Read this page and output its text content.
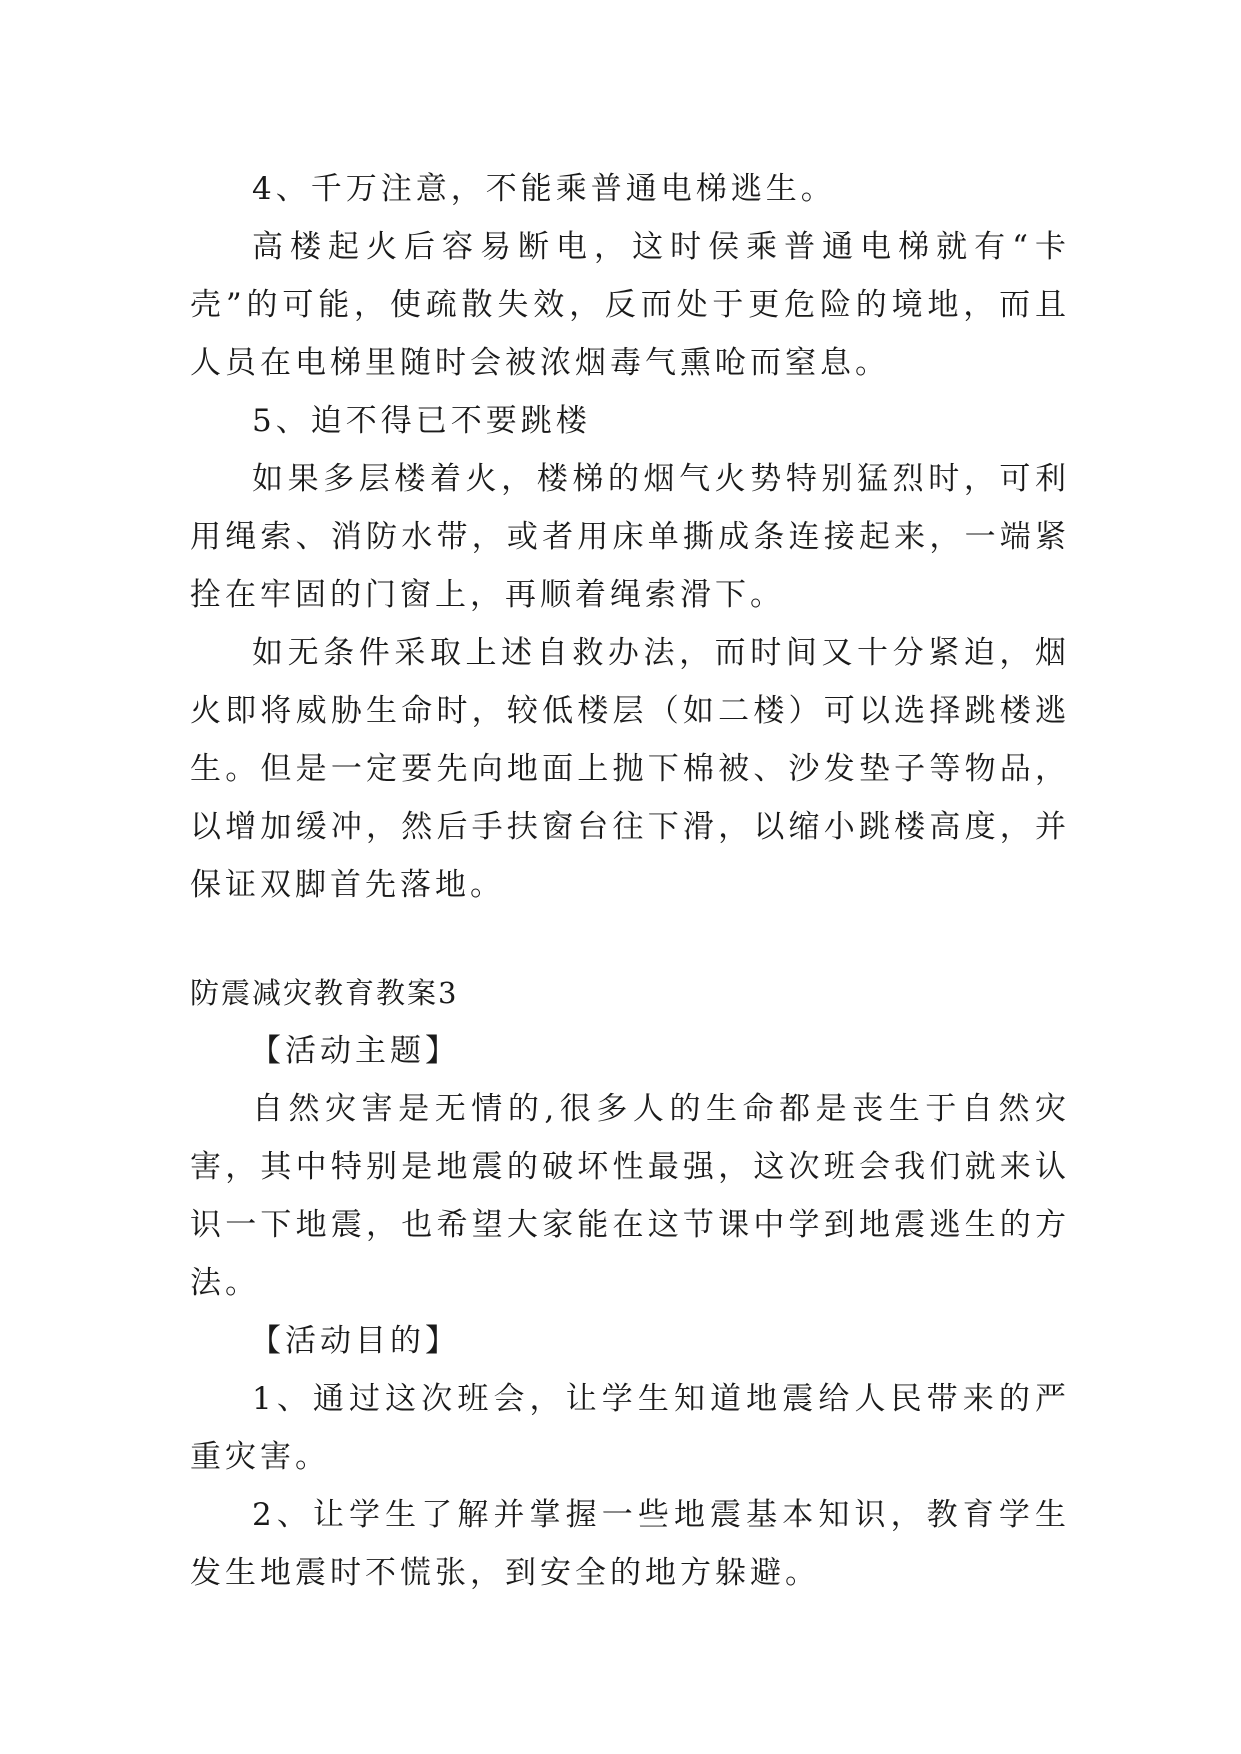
4、千万注意，不能乘普通电梯逃生。

高楼起火后容易断电，这时侯乘普通电梯就有“卡壳”的可能，使疏散失效，反而处于更危险的境地，而且人员在电梯里随时会被浓烟毒气熏呛而窒息。

5、迫不得已不要跳楼

如果多层楼着火，楼梯的烟气火势特别猛烈时，可利用绳索、消防水带，或者用床单撕成条连接起来，一端紧拴在牢固的门窗上，再顺着绳索滑下。

如无条件采取上述自救办法，而时间又十分紧迫，烟火即将威胁生命时，较低楼层（如二楼）可以选择跳楼逃生。但是一定要先向地面上抛下棉被、沙发垫子等物品，以增加缓冲，然后手扶窗台往下滑，以缩小跳楼高度，并保证双脚首先落地。

防震减灾教育教案3

【活动主题】

自然灾害是无情的,很多人的生命都是丧生于自然灾害，其中特别是地震的破坏性最强，这次班会我们就来认识一下地震，也希望大家能在这节课中学到地震逃生的方法。

【活动目的】

1、通过这次班会，让学生知道地震给人民带来的严重灾害。

2、让学生了解并掌握一些地震基本知识，教育学生发生地震时不慌张，到安全的地方躲避。
